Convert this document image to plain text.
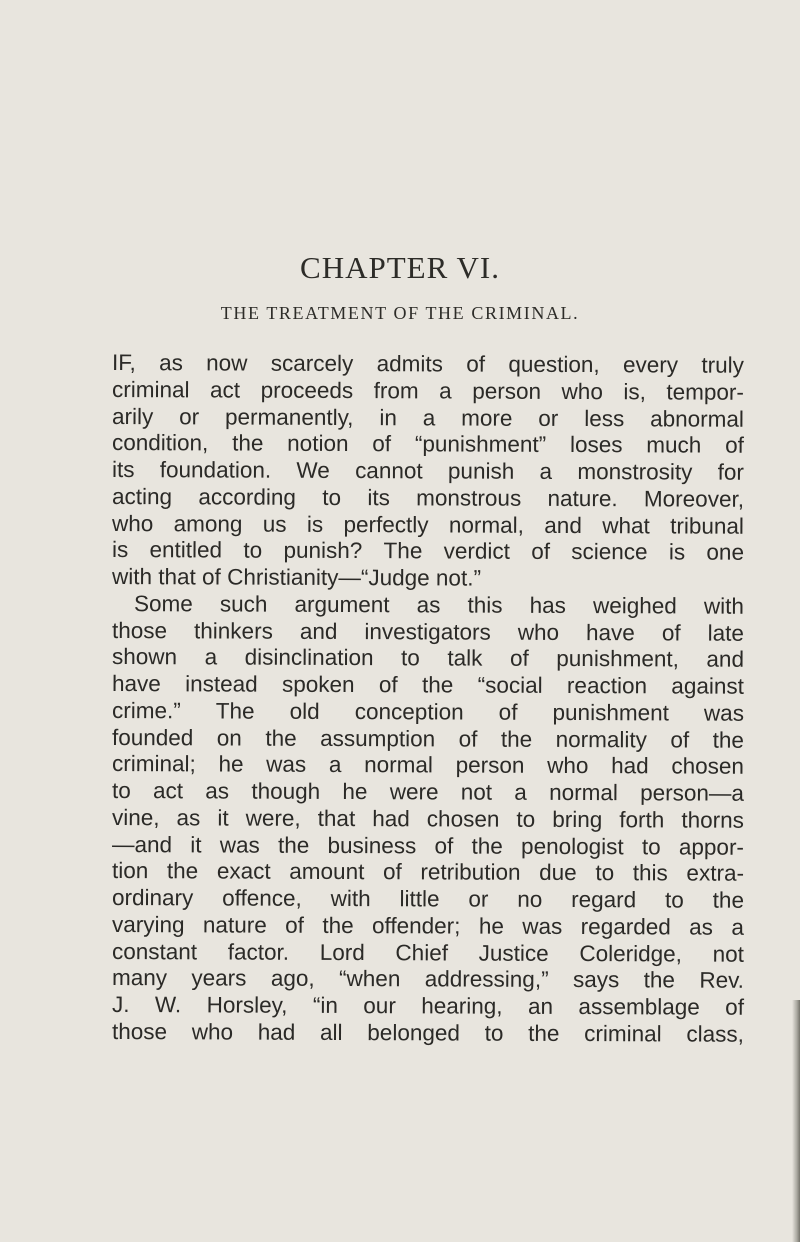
CHAPTER VI.
THE TREATMENT OF THE CRIMINAL.
IF, as now scarcely admits of question, every truly
criminal act proceeds from a person who is, tempor-
arily or permanently, in a more or less abnormal
condition, the notion of “punishment” loses much of
its foundation. We cannot punish a monstrosity for
acting according to its monstrous nature. Moreover,
who among us is perfectly normal, and what tribunal
is entitled to punish? The verdict of science is one
with
that
of
Christianity—“Judge
not.”
Some such argument as this has weighed with
those thinkers and investigators who have of late
shown a disinclination to talk of punishment, and
have instead spoken of the “social reaction against
crime.” The old conception of punishment was
founded on the assumption of the normality of the
criminal; he was a normal person who had chosen
to act as though he were not a normal person—a
vine, as it were, that had chosen to bring forth thorns
—and it was the business of the penologist to appor-
tion the exact amount of retribution due to this extra-
ordinary offence, with little or no regard to the
varying nature of the offender; he was regarded as a
constant factor. Lord Chief Justice Coleridge, not
many years ago, “when addressing,” says the Rev.
J. W. Horsley, “in our hearing, an assemblage of
those who had all belonged to the criminal class,
